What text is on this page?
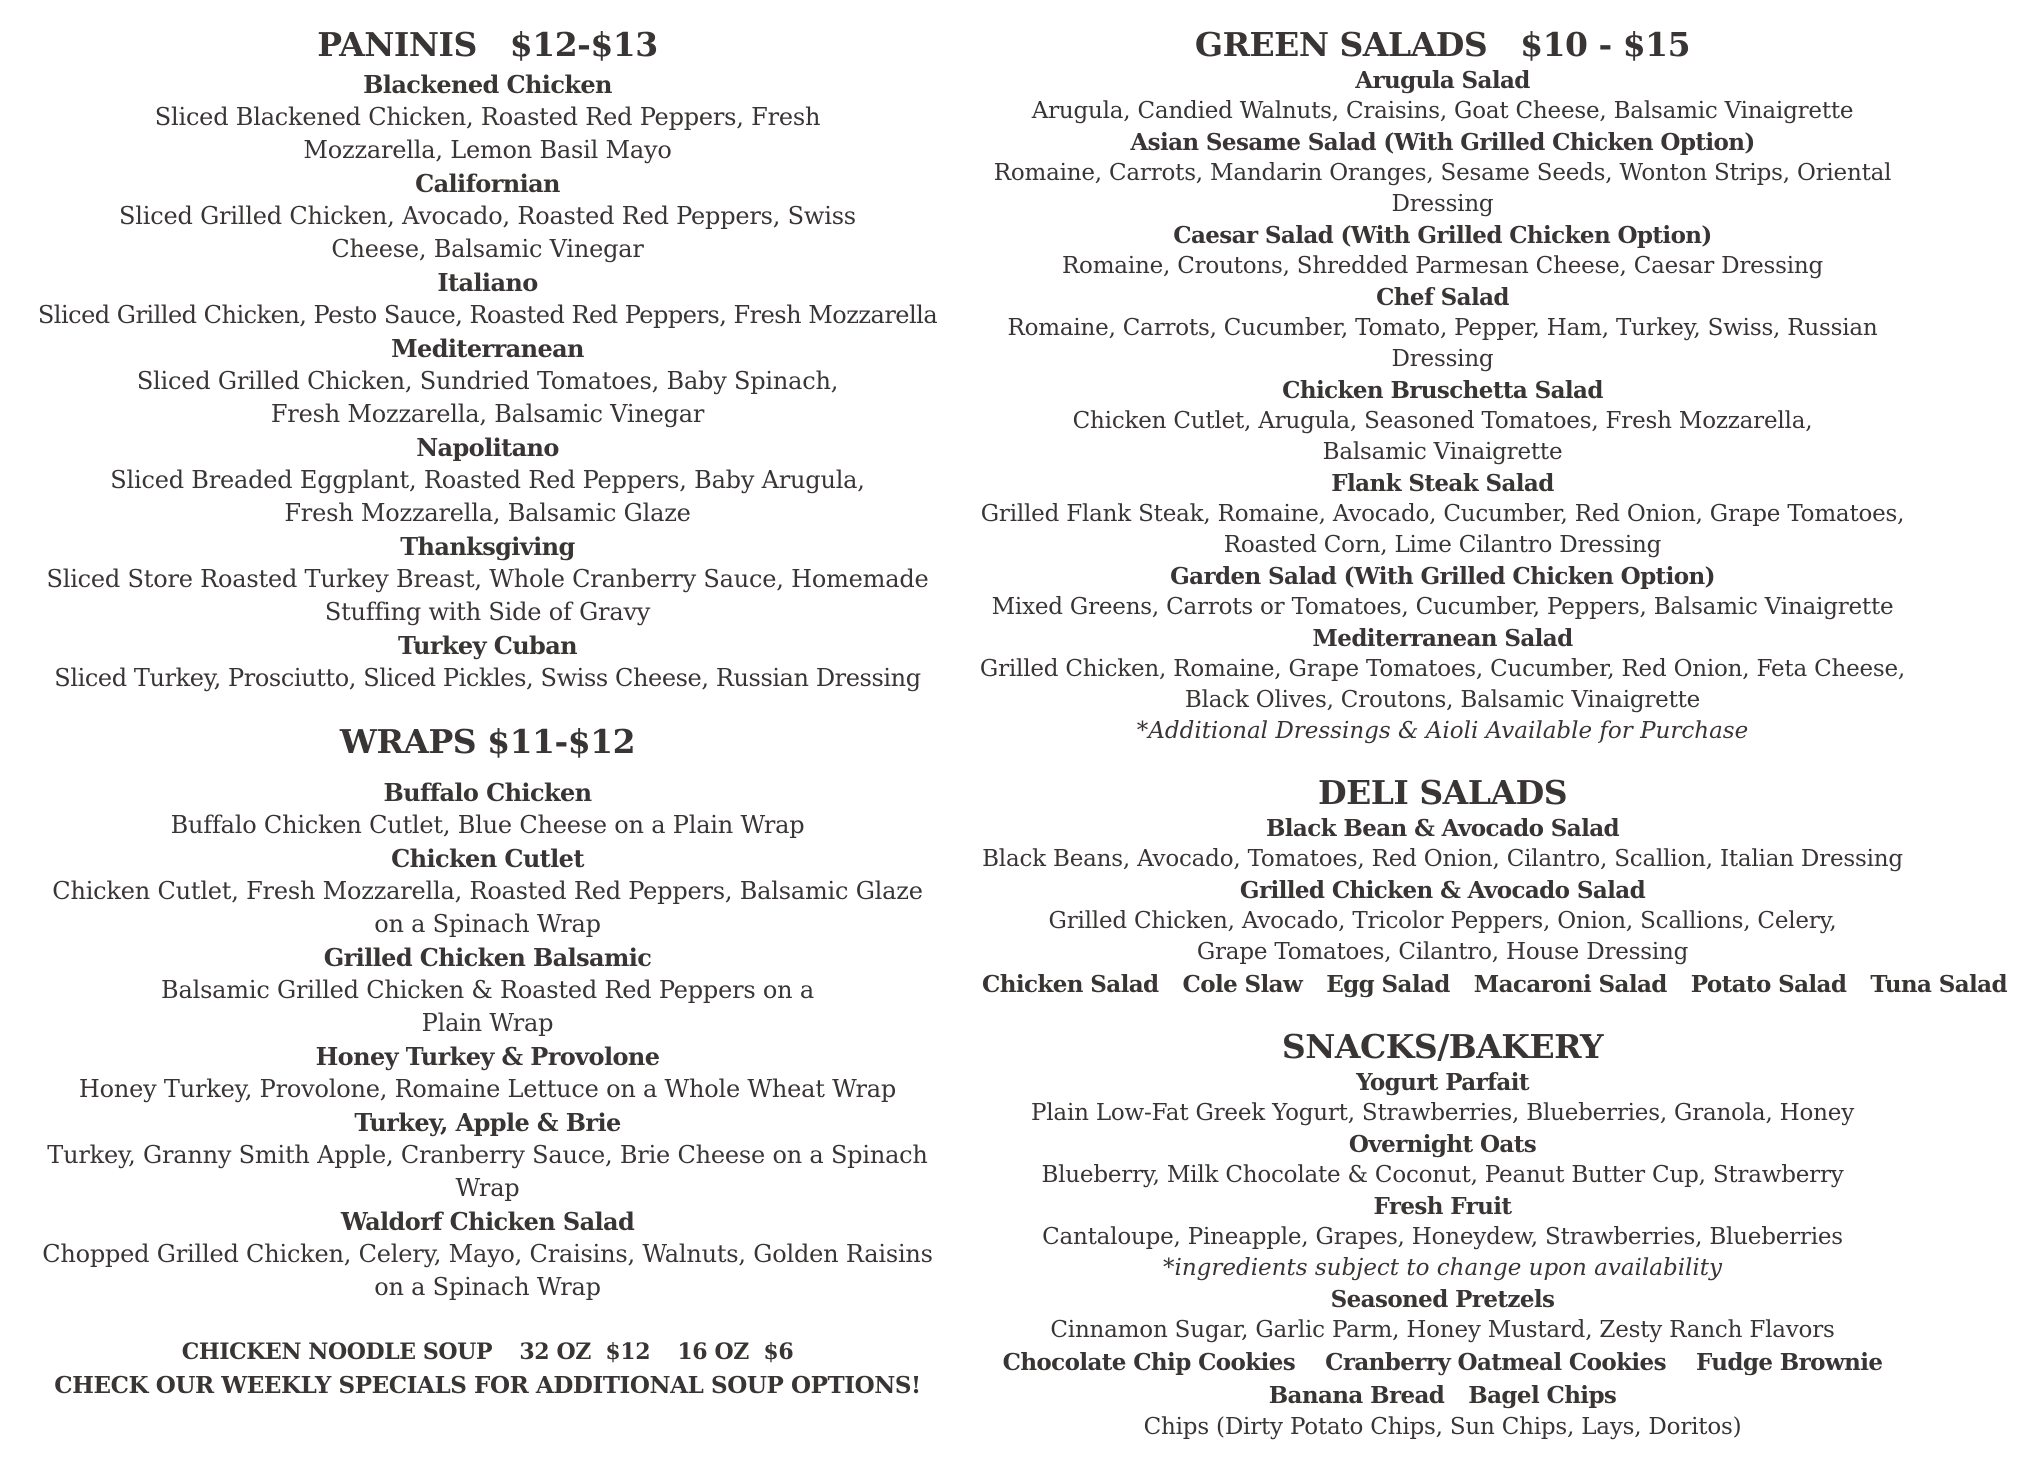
PANINIS   $12-$13

Blackened Chicken

Sliced Blackened Chicken, Roasted Red Peppers, Fresh Mozzarella, Lemon Basil Mayo

Californian

Sliced Grilled Chicken, Avocado, Roasted Red Peppers, Swiss Cheese, Balsamic Vinegar

Italiano

Sliced Grilled Chicken, Pesto Sauce, Roasted Red Peppers, Fresh Mozzarella

Mediterranean

Sliced Grilled Chicken, Sundried Tomatoes, Baby Spinach, Fresh Mozzarella, Balsamic Vinegar

Napolitano

Sliced Breaded Eggplant, Roasted Red Peppers, Baby Arugula, Fresh Mozzarella, Balsamic Glaze

Thanksgiving

Sliced Store Roasted Turkey Breast, Whole Cranberry Sauce, Homemade Stuffing with Side of Gravy

Turkey Cuban

Sliced Turkey, Prosciutto, Sliced Pickles, Swiss Cheese, Russian Dressing

WRAPS $11-$12

Buffalo Chicken

Buffalo Chicken Cutlet, Blue Cheese on a Plain Wrap

Chicken Cutlet

Chicken Cutlet, Fresh Mozzarella, Roasted Red Peppers, Balsamic Glaze on a Spinach Wrap

Grilled Chicken Balsamic

Balsamic Grilled Chicken & Roasted Red Peppers on a Plain Wrap

Honey Turkey & Provolone

Honey Turkey, Provolone, Romaine Lettuce on a Whole Wheat Wrap

Turkey, Apple & Brie

Turkey, Granny Smith Apple, Cranberry Sauce, Brie Cheese on a Spinach Wrap

Waldorf Chicken Salad

Chopped Grilled Chicken, Celery, Mayo, Craisins, Walnuts, Golden Raisins on a Spinach Wrap

CHICKEN NOODLE SOUP 32 OZ  $12 16 OZ  $6

CHECK OUR WEEKLY SPECIALS FOR ADDITIONAL SOUP OPTIONS!

GREEN SALADS   $10 - $15

Arugula Salad

Arugula, Candied Walnuts, Craisins, Goat Cheese, Balsamic Vinaigrette

Asian Sesame Salad (With Grilled Chicken Option)

Romaine, Carrots, Mandarin Oranges, Sesame Seeds, Wonton Strips, Oriental Dressing

Caesar Salad (With Grilled Chicken Option)

Romaine, Croutons, Shredded Parmesan Cheese, Caesar Dressing

Chef Salad

Romaine, Carrots, Cucumber, Tomato, Pepper, Ham, Turkey, Swiss, Russian Dressing

Chicken Bruschetta Salad

Chicken Cutlet, Arugula, Seasoned Tomatoes, Fresh Mozzarella, Balsamic Vinaigrette

Flank Steak Salad

Grilled Flank Steak, Romaine, Avocado, Cucumber, Red Onion, Grape Tomatoes, Roasted Corn, Lime Cilantro Dressing

Garden Salad (With Grilled Chicken Option)

Mixed Greens, Carrots or Tomatoes, Cucumber, Peppers, Balsamic Vinaigrette

Mediterranean Salad

Grilled Chicken, Romaine, Grape Tomatoes, Cucumber, Red Onion, Feta Cheese, Black Olives, Croutons, Balsamic Vinaigrette

*Additional Dressings & Aioli Available for Purchase

DELI SALADS

Black Bean & Avocado Salad

Black Beans, Avocado, Tomatoes, Red Onion, Cilantro, Scallion, Italian Dressing

Grilled Chicken & Avocado Salad

Grilled Chicken, Avocado, Tricolor Peppers, Onion, Scallions, Celery, Grape Tomatoes, Cilantro, House Dressing

Chicken Salad Cole Slaw Egg Salad Macaroni Salad Potato Salad Tuna Salad

SNACKS/BAKERY

Yogurt Parfait

Plain Low-Fat Greek Yogurt, Strawberries, Blueberries, Granola, Honey

Overnight Oats

Blueberry, Milk Chocolate & Coconut, Peanut Butter Cup, Strawberry

Fresh Fruit

Cantaloupe, Pineapple, Grapes, Honeydew, Strawberries, Blueberries

*ingredients subject to change upon availability

Seasoned Pretzels

Cinnamon Sugar, Garlic Parm, Honey Mustard, Zesty Ranch Flavors

Chocolate Chip Cookies Cranberry Oatmeal Cookies Fudge Brownie

Banana Bread Bagel Chips

Chips (Dirty Potato Chips, Sun Chips, Lays, Doritos)
